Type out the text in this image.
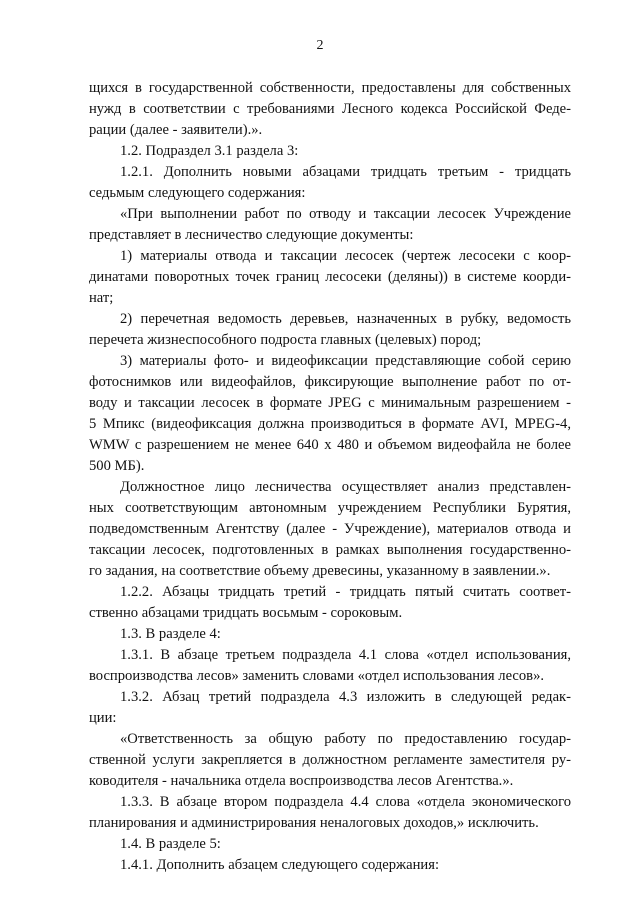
2
щихся в государственной собственности, предоставлены для собственных
нужд в соответствии с требованиями Лесного кодекса Российской Феде-
рации (далее - заявители).».
1.2. Подраздел 3.1 раздела 3:
1.2.1. Дополнить новыми абзацами тридцать третьим - тридцать
седьмым следующего содержания:
«При выполнении работ по отводу и таксации лесосек Учреждение
представляет в лесничество следующие документы:
1) материалы отвода и таксации лесосек (чертеж лесосеки с коор-
динатами поворотных точек границ лесосеки (деляны)) в системе коорди-
нат;
2) перечетная ведомость деревьев, назначенных в рубку, ведомость
перечета жизнеспособного подроста главных (целевых) пород;
3) материалы фото- и видеофиксации представляющие собой серию
фотоснимков или видеофайлов, фиксирующие выполнение работ по от-
воду и таксации лесосек в формате JPEG с минимальным разрешением -
5 Мпикс (видеофиксация должна производиться в формате AVI, MPEG-4,
WMW с разрешением не менее 640 х 480 и объемом видеофайла не более
500 МБ).
Должностное лицо лесничества осуществляет анализ представлен-
ных соответствующим автономным учреждением Республики Бурятия,
подведомственным Агентству (далее - Учреждение), материалов отвода и
таксации лесосек, подготовленных в рамках выполнения государственно-
го задания, на соответствие объему древесины, указанному в заявлении.».
1.2.2. Абзацы тридцать третий - тридцать пятый считать соответ-
ственно абзацами тридцать восьмым - сороковым.
1.3. В разделе 4:
1.3.1. В абзаце третьем подраздела 4.1 слова «отдел использования,
воспроизводства лесов» заменить словами «отдел использования лесов».
1.3.2. Абзац третий подраздела 4.3 изложить в следующей редак-
ции:
«Ответственность за общую работу по предоставлению государ-
ственной услуги закрепляется в должностном регламенте заместителя ру-
ководителя - начальника отдела воспроизводства лесов Агентства.».
1.3.3. В абзаце втором подраздела 4.4 слова «отдела экономического
планирования и администрирования неналоговых доходов,» исключить.
1.4. В разделе 5:
1.4.1. Дополнить абзацем следующего содержания:
